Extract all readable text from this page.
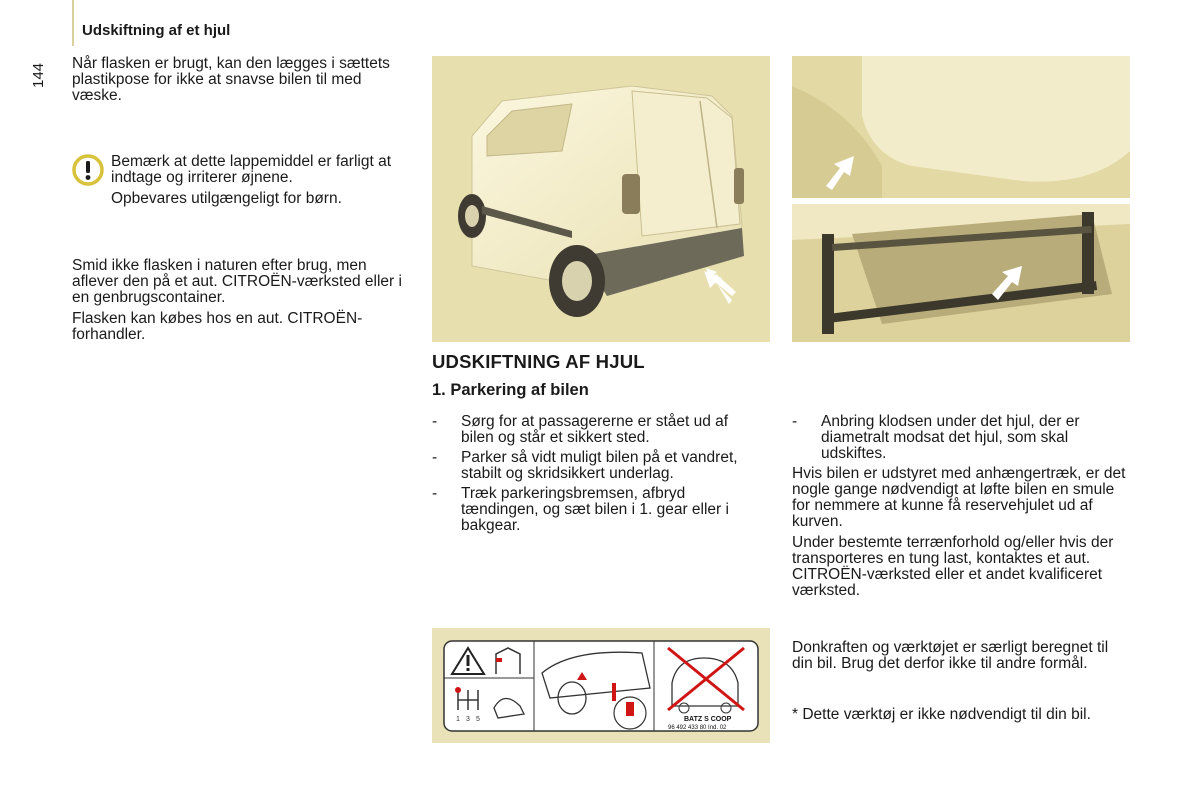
Udskiftning af et hjul
144 Når flasken er brugt, kan den lægges i sættets plastikpose for ikke at snavse bilen til med væske.

Bemærk at dette lappemiddel er farligt at indtage og irriterer øjnene.

Opbevares utilgængeligt for børn.

Smid ikke flasken i naturen efter brug, men aflever den på et aut. CITROËN-værksted eller i en genbrugscontainer.

Flasken kan købes hos en aut. CITROËN-forhandler.

UDSKIFTNING AF HJUL
1. Parkering af bilen
- Sørg for at passagererne er stået ud af bilen og står et sikkert sted.
- Parker så vidt muligt bilen på et vandret, stabilt og skridsikkert underlag.
- Træk parkeringsbremsen, afbryd tændingen, og sæt bilen i 1. gear eller i bakgear.
- Anbring klodsen under det hjul, der er diametralt modsat det hjul, som skal udskiftes.

Hvis bilen er udstyret med anhængertræk, er det nogle gange nødvendigt at løfte bilen en smule for nemmere at kunne få reservehjulet ud af kurven.

Under bestemte terrænforhold og/eller hvis der transporteres en tung last, kontaktes et aut. CITROËN-værksted eller et andet kvalificeret værksted.

Donkraften og værktøjet er særligt beregnet til din bil. Brug det derfor ikke til andre formål.

* Dette værktøj er ikke nødvendigt til din bil.

1 3 5	BATZ S COOP
96 492 433 80 Ind. 02
